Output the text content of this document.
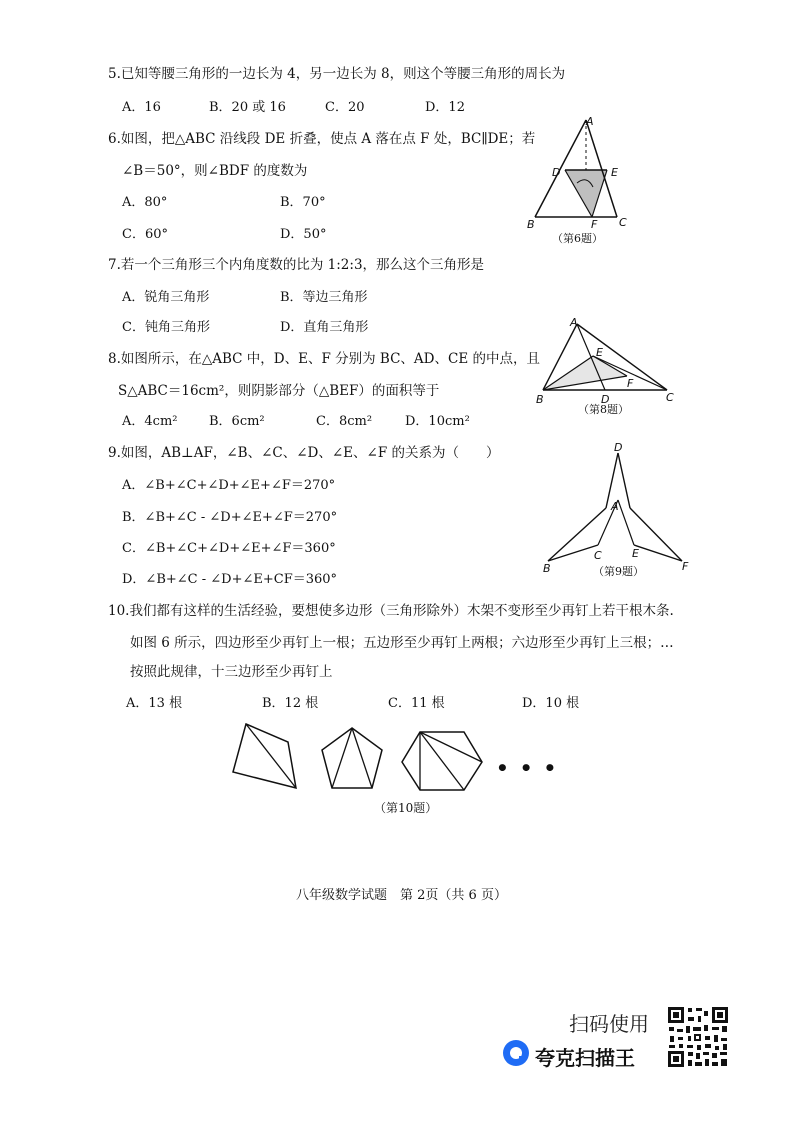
5.已知等腰三角形的一边长为 4，另一边长为 8，则这个等腰三角形的周长为
A．16	B．20 或 16	C．20	D．12
6.如图，把△ABC 沿线段 DE 折叠，使点 A 落在点 F 处，BC∥DE；若
∠B＝50°，则∠BDF 的度数为
A．80°	B．70°
C．60°	D．50°
A
D	E
B	F C
（第6题）
7.若一个三角形三个内角度数的比为 1:2:3，那么这个三角形是
A．锐角三角形	B．等边三角形
C．钝角三角形	D．直角三角形
8.如图所示，在△ABC 中，D、E、F 分别为 BC、AD、CE 的中点，且
S△ABC＝16cm²，则阴影部分（△BEF）的面积等于
A．4cm² B．6cm²	C．8cm²	D．10cm²
A
E
F
B	D	C
（第8题）
9.如图，AB⊥AF，∠B、∠C、∠D、∠E、∠F 的关系为（　　）
A．∠B+∠C+∠D+∠E+∠F＝270°
B．∠B+∠C - ∠D+∠E+∠F＝270°
C．∠B+∠C+∠D+∠E+∠F＝360°
D．∠B+∠C - ∠D+∠E+CF＝360°
D
A
C	E
B	F
（第9题）
10.我们都有这样的生活经验，要想使多边形（三角形除外）木架不变形至少再钉上若干根木条.
如图 6 所示，四边形至少再钉上一根；五边形至少再钉上两根；六边形至少再钉上三根；…
按照此规律，十三边形至少再钉上
A．13 根	B．12 根	C．11 根	D．10 根
• • •
（第10题）
八年级数学试题　第 2页（共 6 页）
扫码使用
夸克扫描王
